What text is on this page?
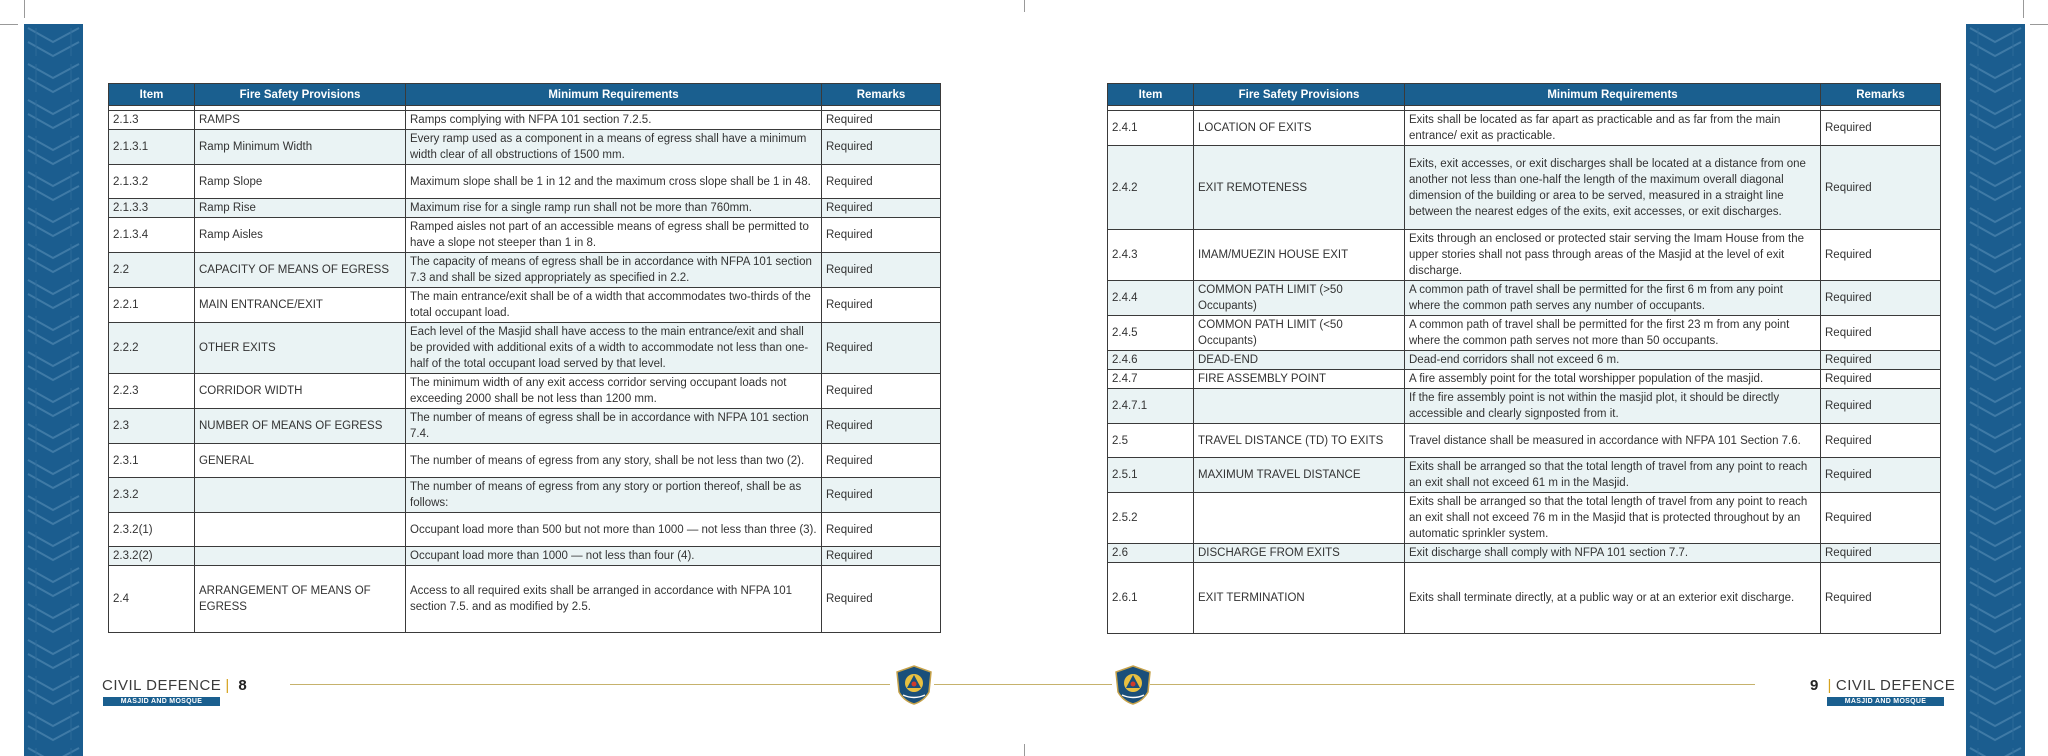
Item	Fire Safety Provisions	Minimum Requirements	Remarks

2.1.3	RAMPS	Ramps complying with NFPA 101 section 7.2.5.	Required
2.1.3.1	Ramp Minimum Width	Every ramp used as a component in a means of egress shall have a minimum width clear of all obstructions of 1500 mm.	Required
2.1.3.2	Ramp Slope	Maximum slope shall be 1 in 12 and the maximum cross slope shall be 1 in 48.	Required
2.1.3.3	Ramp Rise	Maximum rise for a single ramp run shall not be more than 760mm.	Required
2.1.3.4	Ramp Aisles	Ramped aisles not part of an accessible means of egress shall be permitted to have a slope not steeper than 1 in 8.	Required
2.2	CAPACITY OF MEANS OF EGRESS	The capacity of means of egress shall be in accordance with NFPA 101 section 7.3 and shall be sized appropriately as specified in 2.2.	Required
2.2.1	MAIN ENTRANCE/EXIT	The main entrance/exit shall be of a width that accommodates two-thirds of the total occupant load.	Required
2.2.2	OTHER EXITS	Each level of the Masjid shall have access to the main entrance/exit and shall be provided with additional exits of a width to accommodate not less than one-half of the total occupant load served by that level.	Required
2.2.3	CORRIDOR WIDTH	The minimum width of any exit access corridor serving occupant loads not exceeding 2000 shall be not less than 1200 mm.	Required
2.3	NUMBER OF MEANS OF EGRESS	The number of means of egress shall be in accordance with NFPA 101 section 7.4.	Required
2.3.1	GENERAL	The number of means of egress from any story, shall be not less than two (2).	Required
2.3.2		The number of means of egress from any story or portion thereof, shall be as follows:	Required
2.3.2(1)		Occupant load more than 500 but not more than 1000 — not less than three (3).	Required
2.3.2(2)		Occupant load more than 1000 — not less than four (4).	Required
2.4	ARRANGEMENT OF MEANS OF EGRESS	Access to all required exits shall be arranged in accordance with NFPA 101 section 7.5. and as modified by 2.5.	Required
Item	Fire Safety Provisions	Minimum Requirements	Remarks

2.4.1	LOCATION OF EXITS	Exits shall be located as far apart as practicable and as far from the main entrance/ exit as practicable.	Required
2.4.2	EXIT REMOTENESS	Exits, exit accesses, or exit discharges shall be located at a distance from one another not less than one-half the length of the maximum overall diagonal dimension of the building or area to be served, measured in a straight line between the nearest edges of the exits, exit accesses, or exit discharges.	Required
2.4.3	IMAM/MUEZIN HOUSE EXIT	Exits through an enclosed or protected stair serving the Imam House from the upper stories shall not pass through areas of the Masjid at the level of exit discharge.	Required
2.4.4	COMMON PATH LIMIT (>50 Occupants)	A common path of travel shall be permitted for the first 6 m from any point where the common path serves any number of occupants.	Required
2.4.5	COMMON PATH LIMIT (<50 Occupants)	A common path of travel shall be permitted for the first 23 m from any point where the common path serves not more than 50 occupants.	Required
2.4.6	DEAD-END	Dead-end corridors shall not exceed 6 m.	Required
2.4.7	FIRE ASSEMBLY POINT	A fire assembly point for the total worshipper population of the masjid.	Required
2.4.7.1		If the fire assembly point is not within the masjid plot, it should be directly accessible and clearly signposted from it.	Required
2.5	TRAVEL DISTANCE (TD) TO EXITS	Travel distance shall be measured in accordance with NFPA 101 Section 7.6.	Required
2.5.1	MAXIMUM TRAVEL DISTANCE	Exits shall be arranged so that the total length of travel from any point to reach an exit shall not exceed 61 m in the Masjid.	Required
2.5.2		Exits shall be arranged so that the total length of travel from any point to reach an exit shall not exceed 76 m in the Masjid that is protected throughout by an automatic sprinkler system.	Required
2.6	DISCHARGE FROM EXITS	Exit discharge shall comply with NFPA 101 section 7.7.	Required
2.6.1	EXIT TERMINATION	Exits shall terminate directly, at a public way or at an exterior exit discharge.	Required
CIVIL DEFENCE | 8
MASJID AND MOSQUE
9 | CIVIL DEFENCE
MASJID AND MOSQUE
